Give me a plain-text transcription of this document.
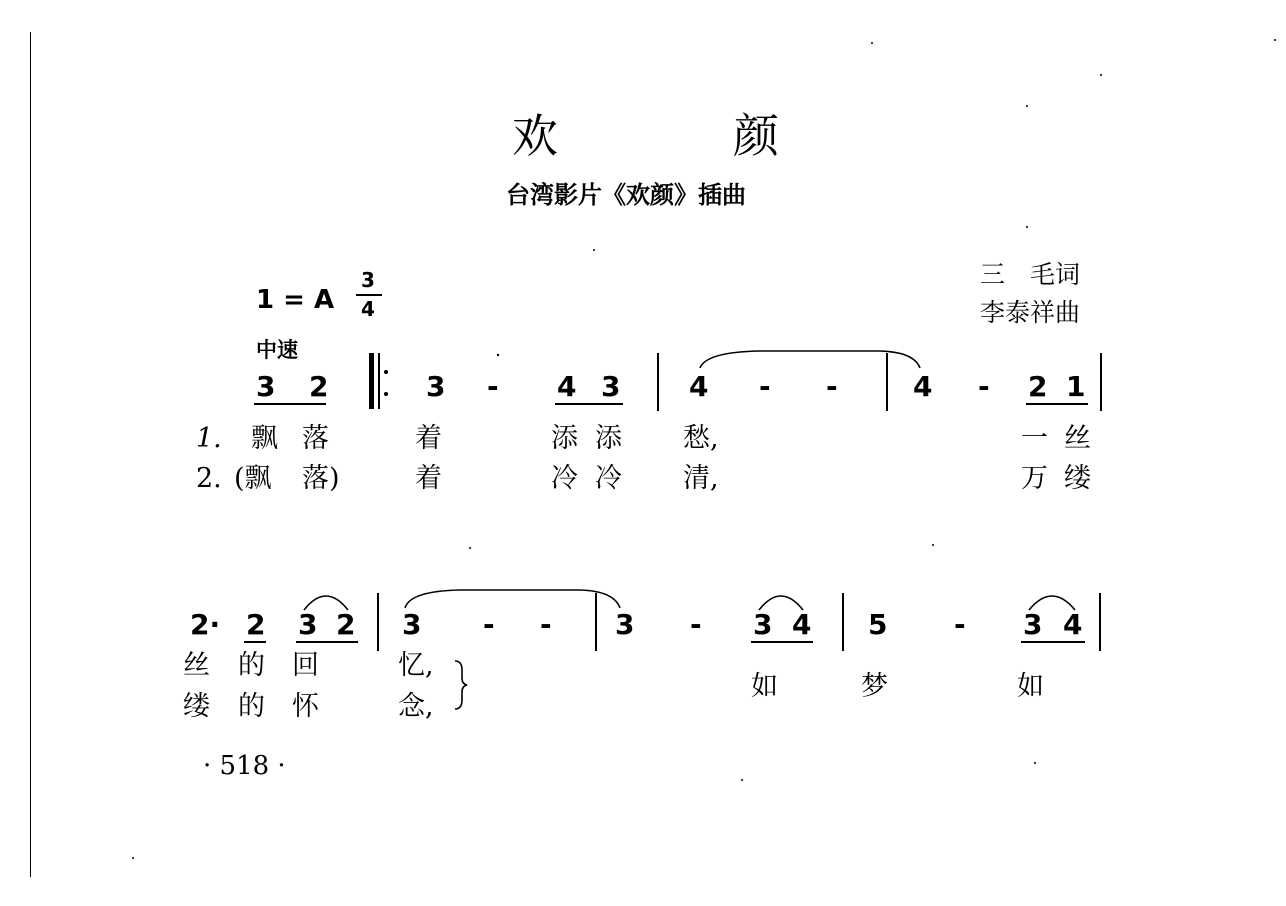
欢	颜
台湾影片《欢颜》插曲
1 = A
3
4
三　毛词
李泰祥曲
中速
3 2	3 - 4 3 4 - -	4 - 2 1
1. 飘 落	着	添 添 愁,	一 丝
2. (飘 落)	着	冷 冷 清,	万 缕
2· 2 3 2 3 - - 3 - 3 4 5 - 3 4
丝 的 回	忆,
缕 的 怀	念,
如	梦	如
· 518 ·
